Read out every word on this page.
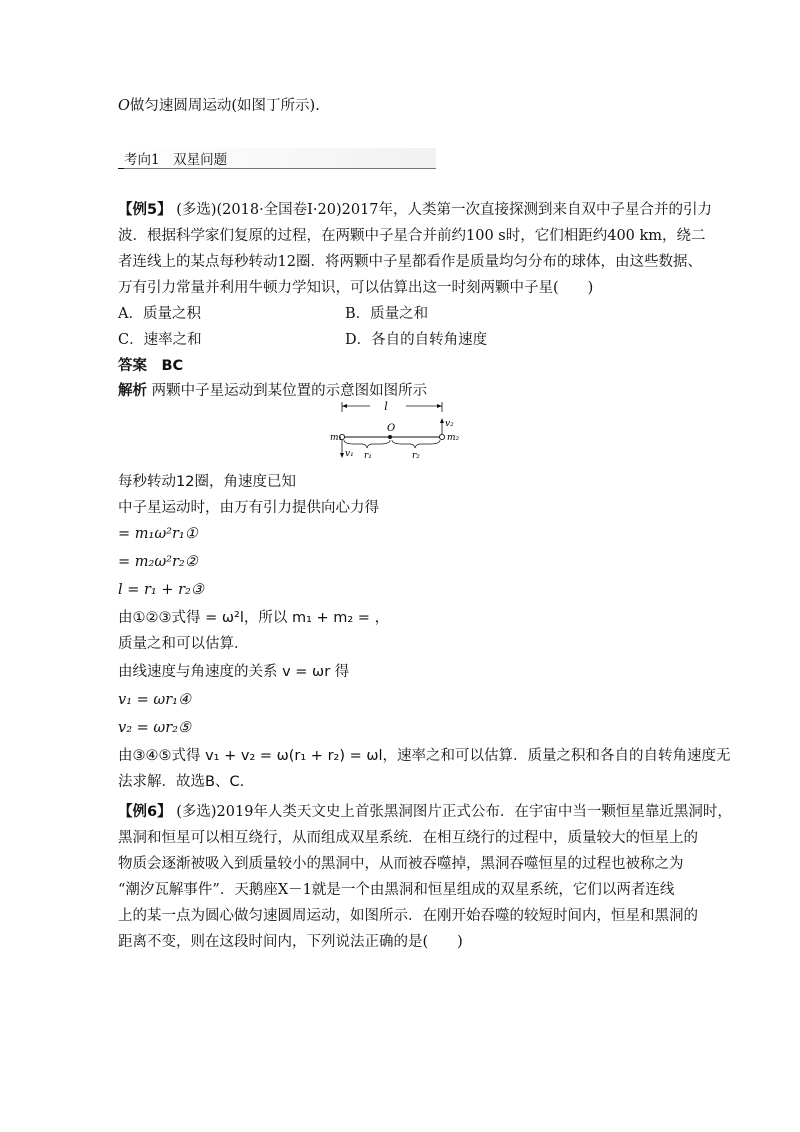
O做匀速圆周运动(如图丁所示).
考向1　双星问题
【例5】 (多选)(2018·全国卷Ⅰ·20)2017年，人类第一次直接探测到来自双中子星合并的引力
波．根据科学家们复原的过程，在两颗中子星合并前约100 s时，它们相距约400 km，绕二
者连线上的某点每秒转动12圈．将两颗中子星都看作是质量均匀分布的球体，由这些数据、
万有引力常量并利用牛顿力学知识，可以估算出这一时刻两颗中子星(　　)
A．质量之积	B．质量之和
C．速率之和	D．各自的自转角速度
答案　BC
解析 两颗中子星运动到某位置的示意图如图所示
l
m₁
v₁
O
m₂
v₂
r₁	r₂
每秒转动12圈，角速度已知
中子星运动时，由万有引力提供向心力得
= m₁ω²r₁①
= m₂ω²r₂②
l = r₁ + r₂③
由①②③式得 = ω²l，所以 m₁ + m₂ = ，
质量之和可以估算．
由线速度与角速度的关系 v = ωr 得
v₁ = ωr₁④
v₂ = ωr₂⑤
由③④⑤式得 v₁ + v₂ = ω(r₁ + r₂) = ωl，速率之和可以估算．质量之积和各自的自转角速度无
法求解．故选B、C.
【例6】 (多选)2019年人类天文史上首张黑洞图片正式公布．在宇宙中当一颗恒星靠近黑洞时，
黑洞和恒星可以相互绕行，从而组成双星系统．在相互绕行的过程中，质量较大的恒星上的
物质会逐渐被吸入到质量较小的黑洞中，从而被吞噬掉，黑洞吞噬恒星的过程也被称之为
“潮汐瓦解事件”．天鹅座X－1就是一个由黑洞和恒星组成的双星系统，它们以两者连线
上的某一点为圆心做匀速圆周运动，如图所示．在刚开始吞噬的较短时间内，恒星和黑洞的
距离不变，则在这段时间内，下列说法正确的是(　　)
